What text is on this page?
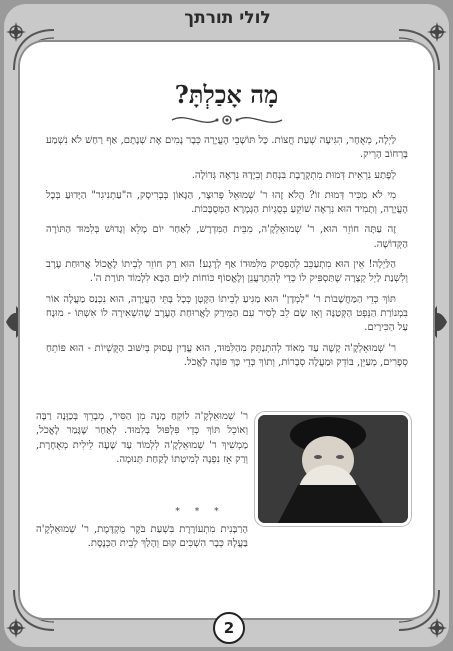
לולי תורתך
מָה אָכַלְתָּ?

לַיְלָה, מְאֻחָר, הִגִּיעָה שְׁעַת חֲצוֹת. כָּל תּוֹשָׁבֵי הָעֲיָרָה כְּבָר נָמִים אֶת שְׁנָתָם, אַף רַחַשׁ לֹא נִשְׁמַע בָּרְחוֹב הָרֵיק.

לְפֶתַע נִרְאֵית דְּמוּת מִתְקָרֶבֶת בִּנְחַת וְבֵיָדָהּ נִרְאֶה גְּדוֹלָה.

מִי לֹא מַכִּיר דְּמוּת זוֹ? הֲלֹא זֶהוּ ר' שְׁמוּאֵל פְּרוּצֶר, הַגָּאוֹן בְּבְרִיסְק, ה"עַתְנִיגִר" הַיָּדוּעַ בְּכָל הָעֲיָרָה, וְתָמִיד הוּא נִרְאֶה שׁוֹקֵעַ בְּסֻגְיוֹת הַגְּמָרָא הַמְּסֻבָּכוֹת.

זֶה עַתָּה חוֹזֵר הוּא, ר' שְׁמוּאֵלְקֶ'ה, מִבֵּית הַמִּדְרָשׁ, לְאַחַר יוֹם מָלֵא וְגָדוּשׁ בְּלִמּוּד הַתּוֹרָה הַקְּדוֹשָׁה.

הַלַּיְלָה! אֵין הוּא מִתְעַכֵּב לְהַפְסִיק מִלִּמּוּדוֹ אַף לְרֶגַע! הוּא רַק חוֹזֵר לְבֵיתוֹ לֶאֱכוֹל אֲרוּחַת עֶרֶב וְלִשְׁנַת לַיְל קְצָרָה שֶׁתַּסְפִּיק לוֹ כְּדֵי לְהִתְרַעֲנֵן וְלֶאֱסוֹף כּוֹחוֹת לַיּוֹם הַבָּא לִלְמוֹד תּוֹרַת ה'.

תּוֹךְ כְּדֵי הַמַּחֲשָׁבוֹת ר' "לַמְדָן" הוּא מַגִּיעַ לְבֵיתוֹ הַקָּטָן כְּכָל בָּתֵּי הָעֲיָרָה, הוּא נִכְנַס מַעֲלֶה אוֹר בִּמְנוֹרַת הַנֵּפְט הַקְּטַנָּה וְאָז שָׂם לֵב לְסִיר עִם הַמִּירַק לַאֲרוּחַת הָעֶרֶב שֶׁהִשְׁאִירָה לוֹ אִשְׁתּוֹ - מוּנָח עַל הַכִּירַיִם.

ר' שְׁמוּאֵלְקֶ'ה קָשֶׁה עַד מְאוֹד לְהִתְנַתֵּק מִהַלִּמּוּד, הוּא עֲדַיִן עָסוּק בְּיִשּׁוּב הַקֻּשְׁיוֹת - הוּא פּוֹתֵחַ סְפָרִים, מְעַיֵּן, בּוֹדֵק וּמַעֲלֶה סְבָרוֹת, וְתוֹךְ כְּדֵי כָּךְ פּוֹנֶה לֶאֱכֹל.

ר' שְׁמוּאֵלְקֶ'ה לוֹקֵחַ מָנָה מִן הַסִּיר, מְבָרֵךְ בְּכַוָּנָה רַבָּה וְאוֹכֵל תּוֹךְ כְּדֵי פִּלְפּוּל בְּלִמּוּד. לְאַחַר שֶׁגָּמַר לֶאֱכֹל, מַמְשִׁיךְ ר' שְׁמוּאֵלְקֶ'ה לִלְמוֹד עַד שָׁעָה לֵילִית מְאֻחֶרֶת, וְרַק אָז נִפְנָה לְמִיטָתוֹ לָקַחַת תְּנוּמָה.
* * *
הָרַבָּנִית מִתְעוֹרֶרֶת בִּשְׁעַת בֹּקֶר מֻקְדֶּמֶת, ר' שְׁמוּאֵלְקֶ'ה בַּעֲלָהּ כְּבָר הִשְׁכִּים קוּם וְהָלַךְ לְבֵית הַכְּנֶסֶת.
2
